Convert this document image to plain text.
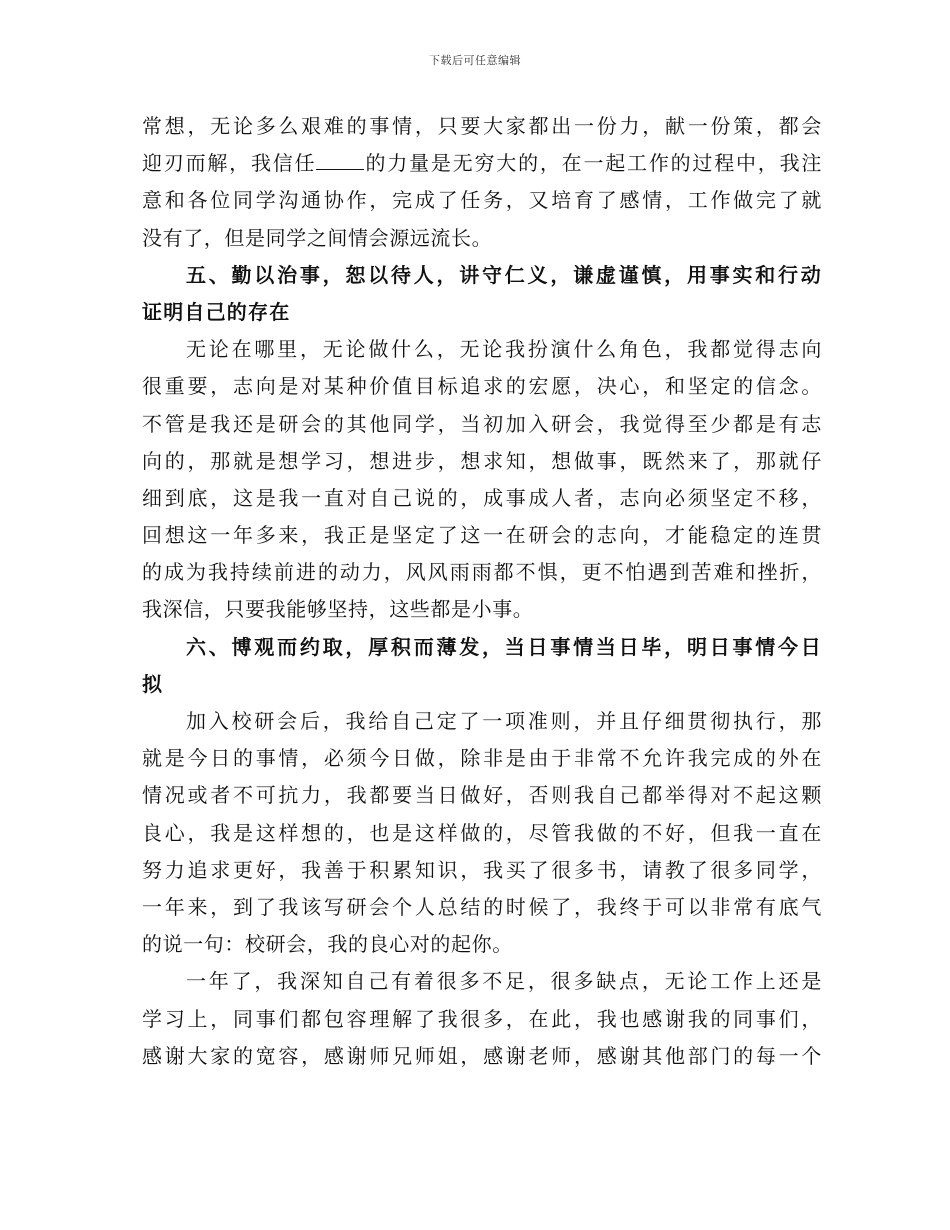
下载后可任意编辑
常想，无论多么艰难的事情，只要大家都出一份力，献一份策，都会
迎刃而解，我信任 的力量是无穷大的，在一起工作的过程中，我注
意和各位同学沟通协作，完成了任务，又培育了感情，工作做完了就
没有了，但是同学之间情会源远流长。
五、勤以治事，恕以待人，讲守仁义，谦虚谨慎，用事实和行动
证明自己的存在
无论在哪里，无论做什么，无论我扮演什么角色，我都觉得志向
很重要，志向是对某种价值目标追求的宏愿，决心，和坚定的信念。
不管是我还是研会的其他同学，当初加入研会，我觉得至少都是有志
向的，那就是想学习，想进步，想求知，想做事，既然来了，那就仔
细到底，这是我一直对自己说的，成事成人者，志向必须坚定不移，
回想这一年多来，我正是坚定了这一在研会的志向，才能稳定的连贯
的成为我持续前进的动力，风风雨雨都不惧，更不怕遇到苦难和挫折，
我深信，只要我能够坚持，这些都是小事。
六、博观而约取，厚积而薄发，当日事情当日毕，明日事情今日
拟
加入校研会后，我给自己定了一项准则，并且仔细贯彻执行，那
就是今日的事情，必须今日做，除非是由于非常不允许我完成的外在
情况或者不可抗力，我都要当日做好，否则我自己都举得对不起这颗
良心，我是这样想的，也是这样做的，尽管我做的不好，但我一直在
努力追求更好，我善于积累知识，我买了很多书，请教了很多同学，
一年来，到了我该写研会个人总结的时候了，我终于可以非常有底气
的说一句：校研会，我的良心对的起你。
一年了，我深知自己有着很多不足，很多缺点，无论工作上还是
学习上，同事们都包容理解了我很多，在此，我也感谢我的同事们，
感谢大家的宽容，感谢师兄师姐，感谢老师，感谢其他部门的每一个
